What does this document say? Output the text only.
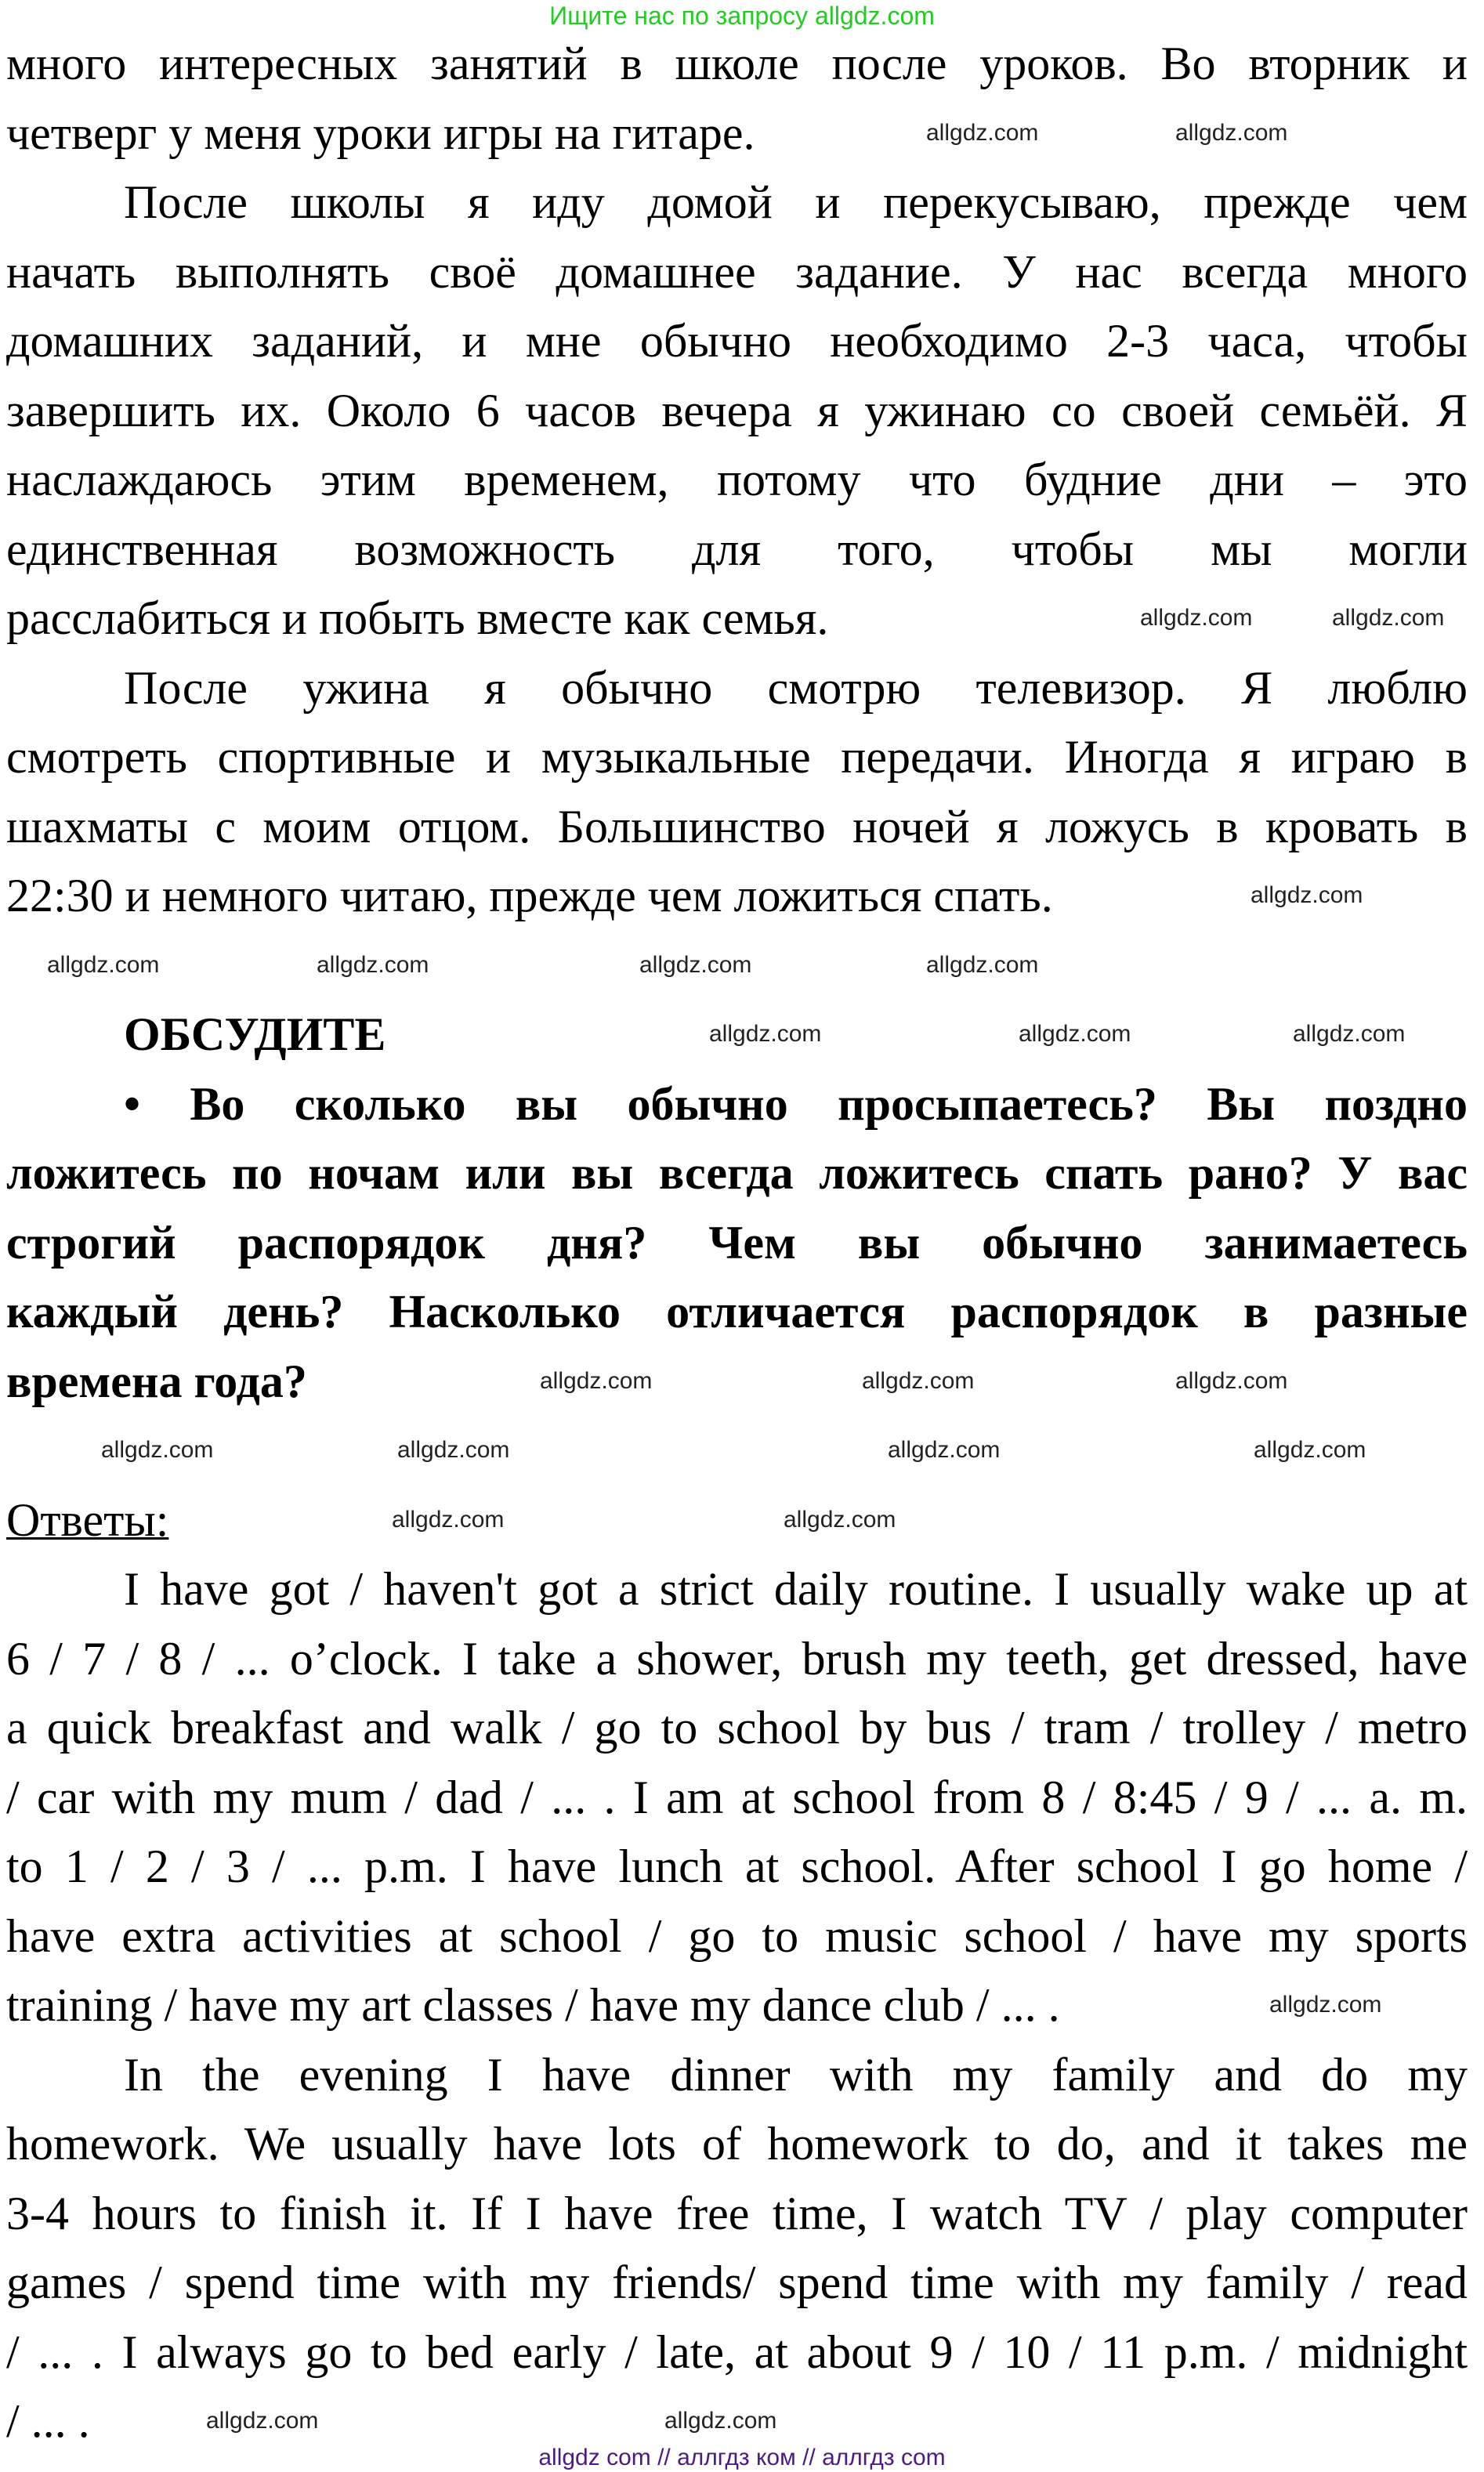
Ищите нас по запросу allgdz.com
много интересных занятий в школе после уроков. Во вторник и
четверг у меня уроки игры на гитаре.
После школы я иду домой и перекусываю, прежде чем
начать выполнять своё домашнее задание. У нас всегда много
домашних заданий, и мне обычно необходимо 2-3 часа, чтобы
завершить их. Около 6 часов вечера я ужинаю со своей семьёй. Я
наслаждаюсь этим временем, потому что будние дни – это
единственная возможность для того, чтобы мы могли
расслабиться и побыть вместе как семья.
После ужина я обычно смотрю телевизор. Я люблю
смотреть спортивные и музыкальные передачи. Иногда я играю в
шахматы с моим отцом. Большинство ночей я ложусь в кровать в
22:30 и немного читаю, прежде чем ложиться спать.
ОБСУДИТЕ
• Во сколько вы обычно просыпаетесь? Вы поздно
ложитесь по ночам или вы всегда ложитесь спать рано? У вас
строгий распорядок дня? Чем вы обычно занимаетесь
каждый день? Насколько отличается распорядок в разные
времена года?
Ответы:
I have got / haven't got a strict daily routine. I usually wake up at
6 / 7 / 8 / ... o’clock. I take a shower, brush my teeth, get dressed, have
a quick breakfast and walk / go to school by bus / tram / trolley / metro
/ car with my mum / dad / ... . I am at school from 8 / 8:45 / 9 / ... a. m.
to 1 / 2 / 3 / ... p.m. I have lunch at school. After school I go home /
have extra activities at school / go to music school / have my sports
training / have my art classes / have my dance club / ... .
In the evening I have dinner with my family and do my
homework. We usually have lots of homework to do, and it takes me
3-4 hours to finish it. If I have free time, I watch TV / play computer
games / spend time with my friends/ spend time with my family / read
/ ... . I always go to bed early / late, at about 9 / 10 / 11 p.m. / midnight
/ ... .
allgdz.com	allgdz.com
allgdz.com	allgdz.com
allgdz.com
allgdz.com	allgdz.com	allgdz.com	allgdz.com
allgdz.com	allgdz.com	allgdz.com
allgdz.com	allgdz.com	allgdz.com
allgdz.com	allgdz.com	allgdz.com	allgdz.com
allgdz.com	allgdz.com
allgdz.com
allgdz.com	allgdz.com
allgdz com // аллгдз ком // аллгдз com
